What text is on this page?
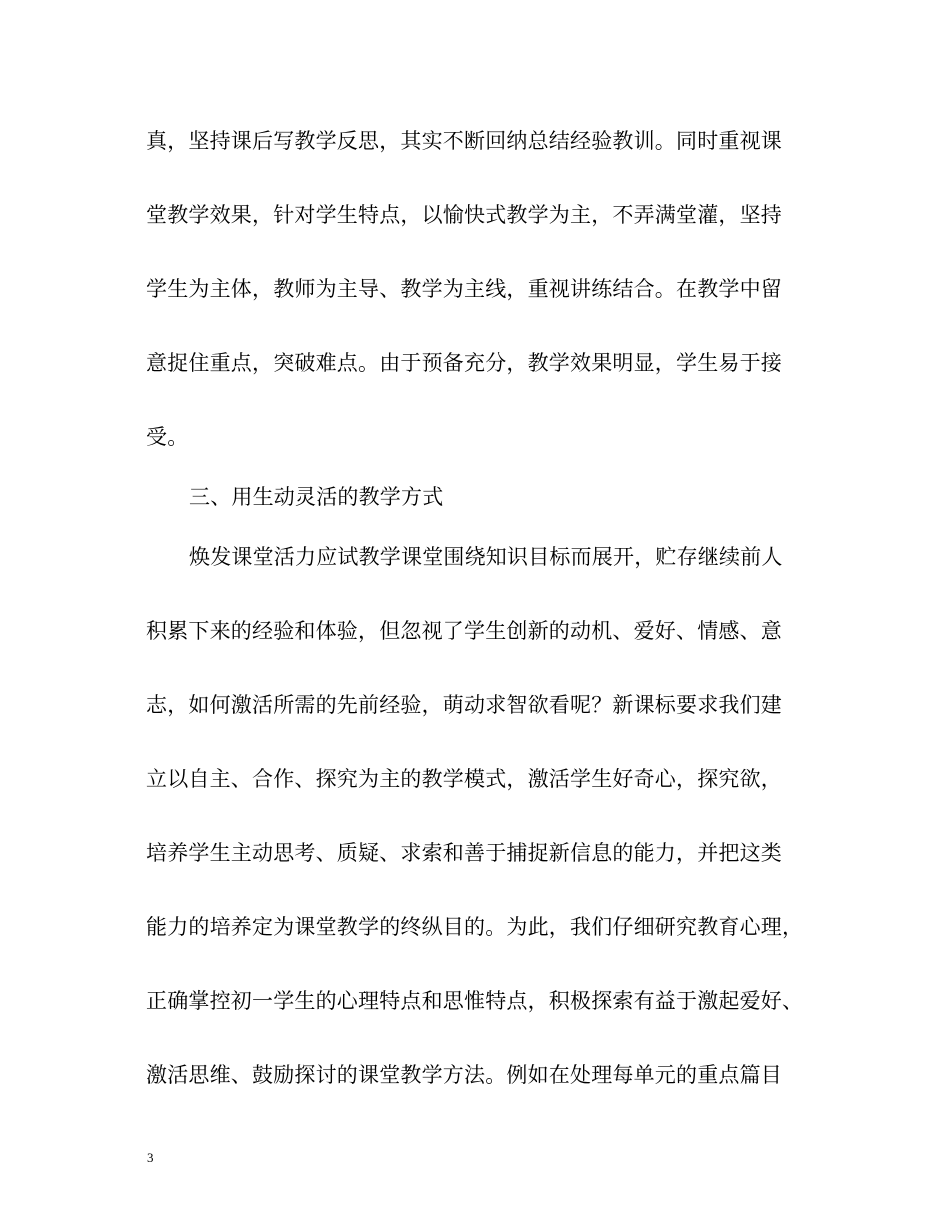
真，坚持课后写教学反思，其实不断回纳总结经验教训。同时重视课
堂教学效果，针对学生特点，以愉快式教学为主，不弄满堂灌，坚持
学生为主体，教师为主导、教学为主线，重视讲练结合。在教学中留
意捉住重点，突破难点。由于预备充分，教学效果明显，学生易于接
受。
三、用生动灵活的教学方式
焕发课堂活力应试教学课堂围绕知识目标而展开，贮存继续前人
积累下来的经验和体验，但忽视了学生创新的动机、爱好、情感、意
志，如何激活所需的先前经验，萌动求智欲看呢？新课标要求我们建
立以自主、合作、探究为主的教学模式，激活学生好奇心，探究欲，
培养学生主动思考、质疑、求索和善于捕捉新信息的能力，并把这类
能力的培养定为课堂教学的终纵目的。为此，我们仔细研究教育心理，
正确掌控初一学生的心理特点和思惟特点，积极探索有益于激起爱好、
激活思维、鼓励探讨的课堂教学方法。例如在处理每单元的重点篇目
3
